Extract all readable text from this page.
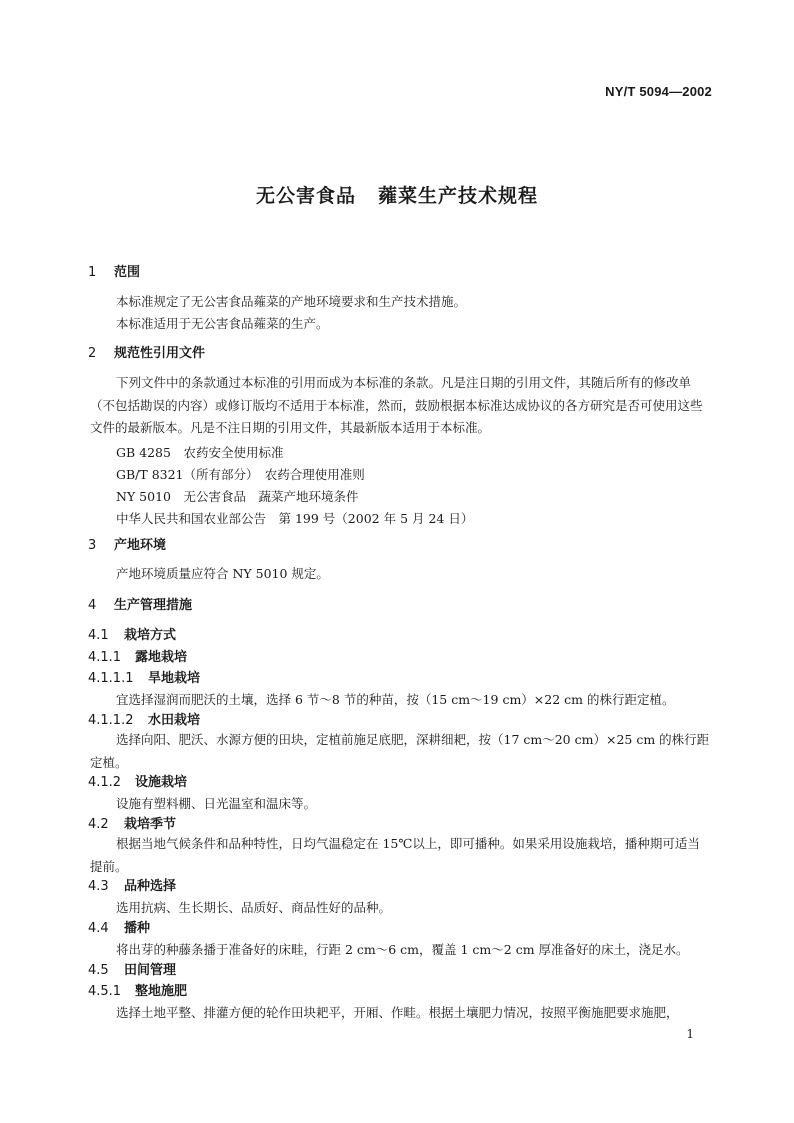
NY/T 5094—2002
无公害食品 蕹菜生产技术规程
1 范围
本标准规定了无公害食品蕹菜的产地环境要求和生产技术措施。
本标准适用于无公害食品蕹菜的生产。
2 规范性引用文件
下列文件中的条款通过本标准的引用而成为本标准的条款。凡是注日期的引用文件，其随后所有的修改单（不包括勘误的内容）或修订版均不适用于本标准，然而，鼓励根据本标准达成协议的各方研究是否可使用这些文件的最新版本。凡是不注日期的引用文件，其最新版本适用于本标准。
GB 4285　农药安全使用标准
GB/T 8321（所有部分）　农药合理使用准则
NY 5010　无公害食品　蔬菜产地环境条件
中华人民共和国农业部公告　第 199 号（2002 年 5 月 24 日）
3 产地环境
产地环境质量应符合 NY 5010 规定。
4 生产管理措施
4.1 栽培方式
4.1.1 露地栽培
4.1.1.1 旱地栽培
宜选择湿润而肥沃的土壤，选择 6 节～8 节的种苗，按（15 cm～19 cm）×22 cm 的株行距定植。
4.1.1.2 水田栽培
选择向阳、肥沃、水源方便的田块，定植前施足底肥，深耕细耙，按（17 cm～20 cm）×25 cm 的株行距定植。
4.1.2 设施栽培
设施有塑料棚、日光温室和温床等。
4.2 栽培季节
根据当地气候条件和品种特性，日均气温稳定在 15℃以上，即可播种。如果采用设施栽培，播种期可适当提前。
4.3 品种选择
选用抗病、生长期长、品质好、商品性好的品种。
4.4 播种
将出芽的种藤条播于准备好的床畦，行距 2 cm～6 cm，覆盖 1 cm～2 cm 厚准备好的床土，浇足水。
4.5 田间管理
4.5.1 整地施肥
选择土地平整、排灌方便的轮作田块耙平，开厢、作畦。根据土壤肥力情况，按照平衡施肥要求施肥，
1
